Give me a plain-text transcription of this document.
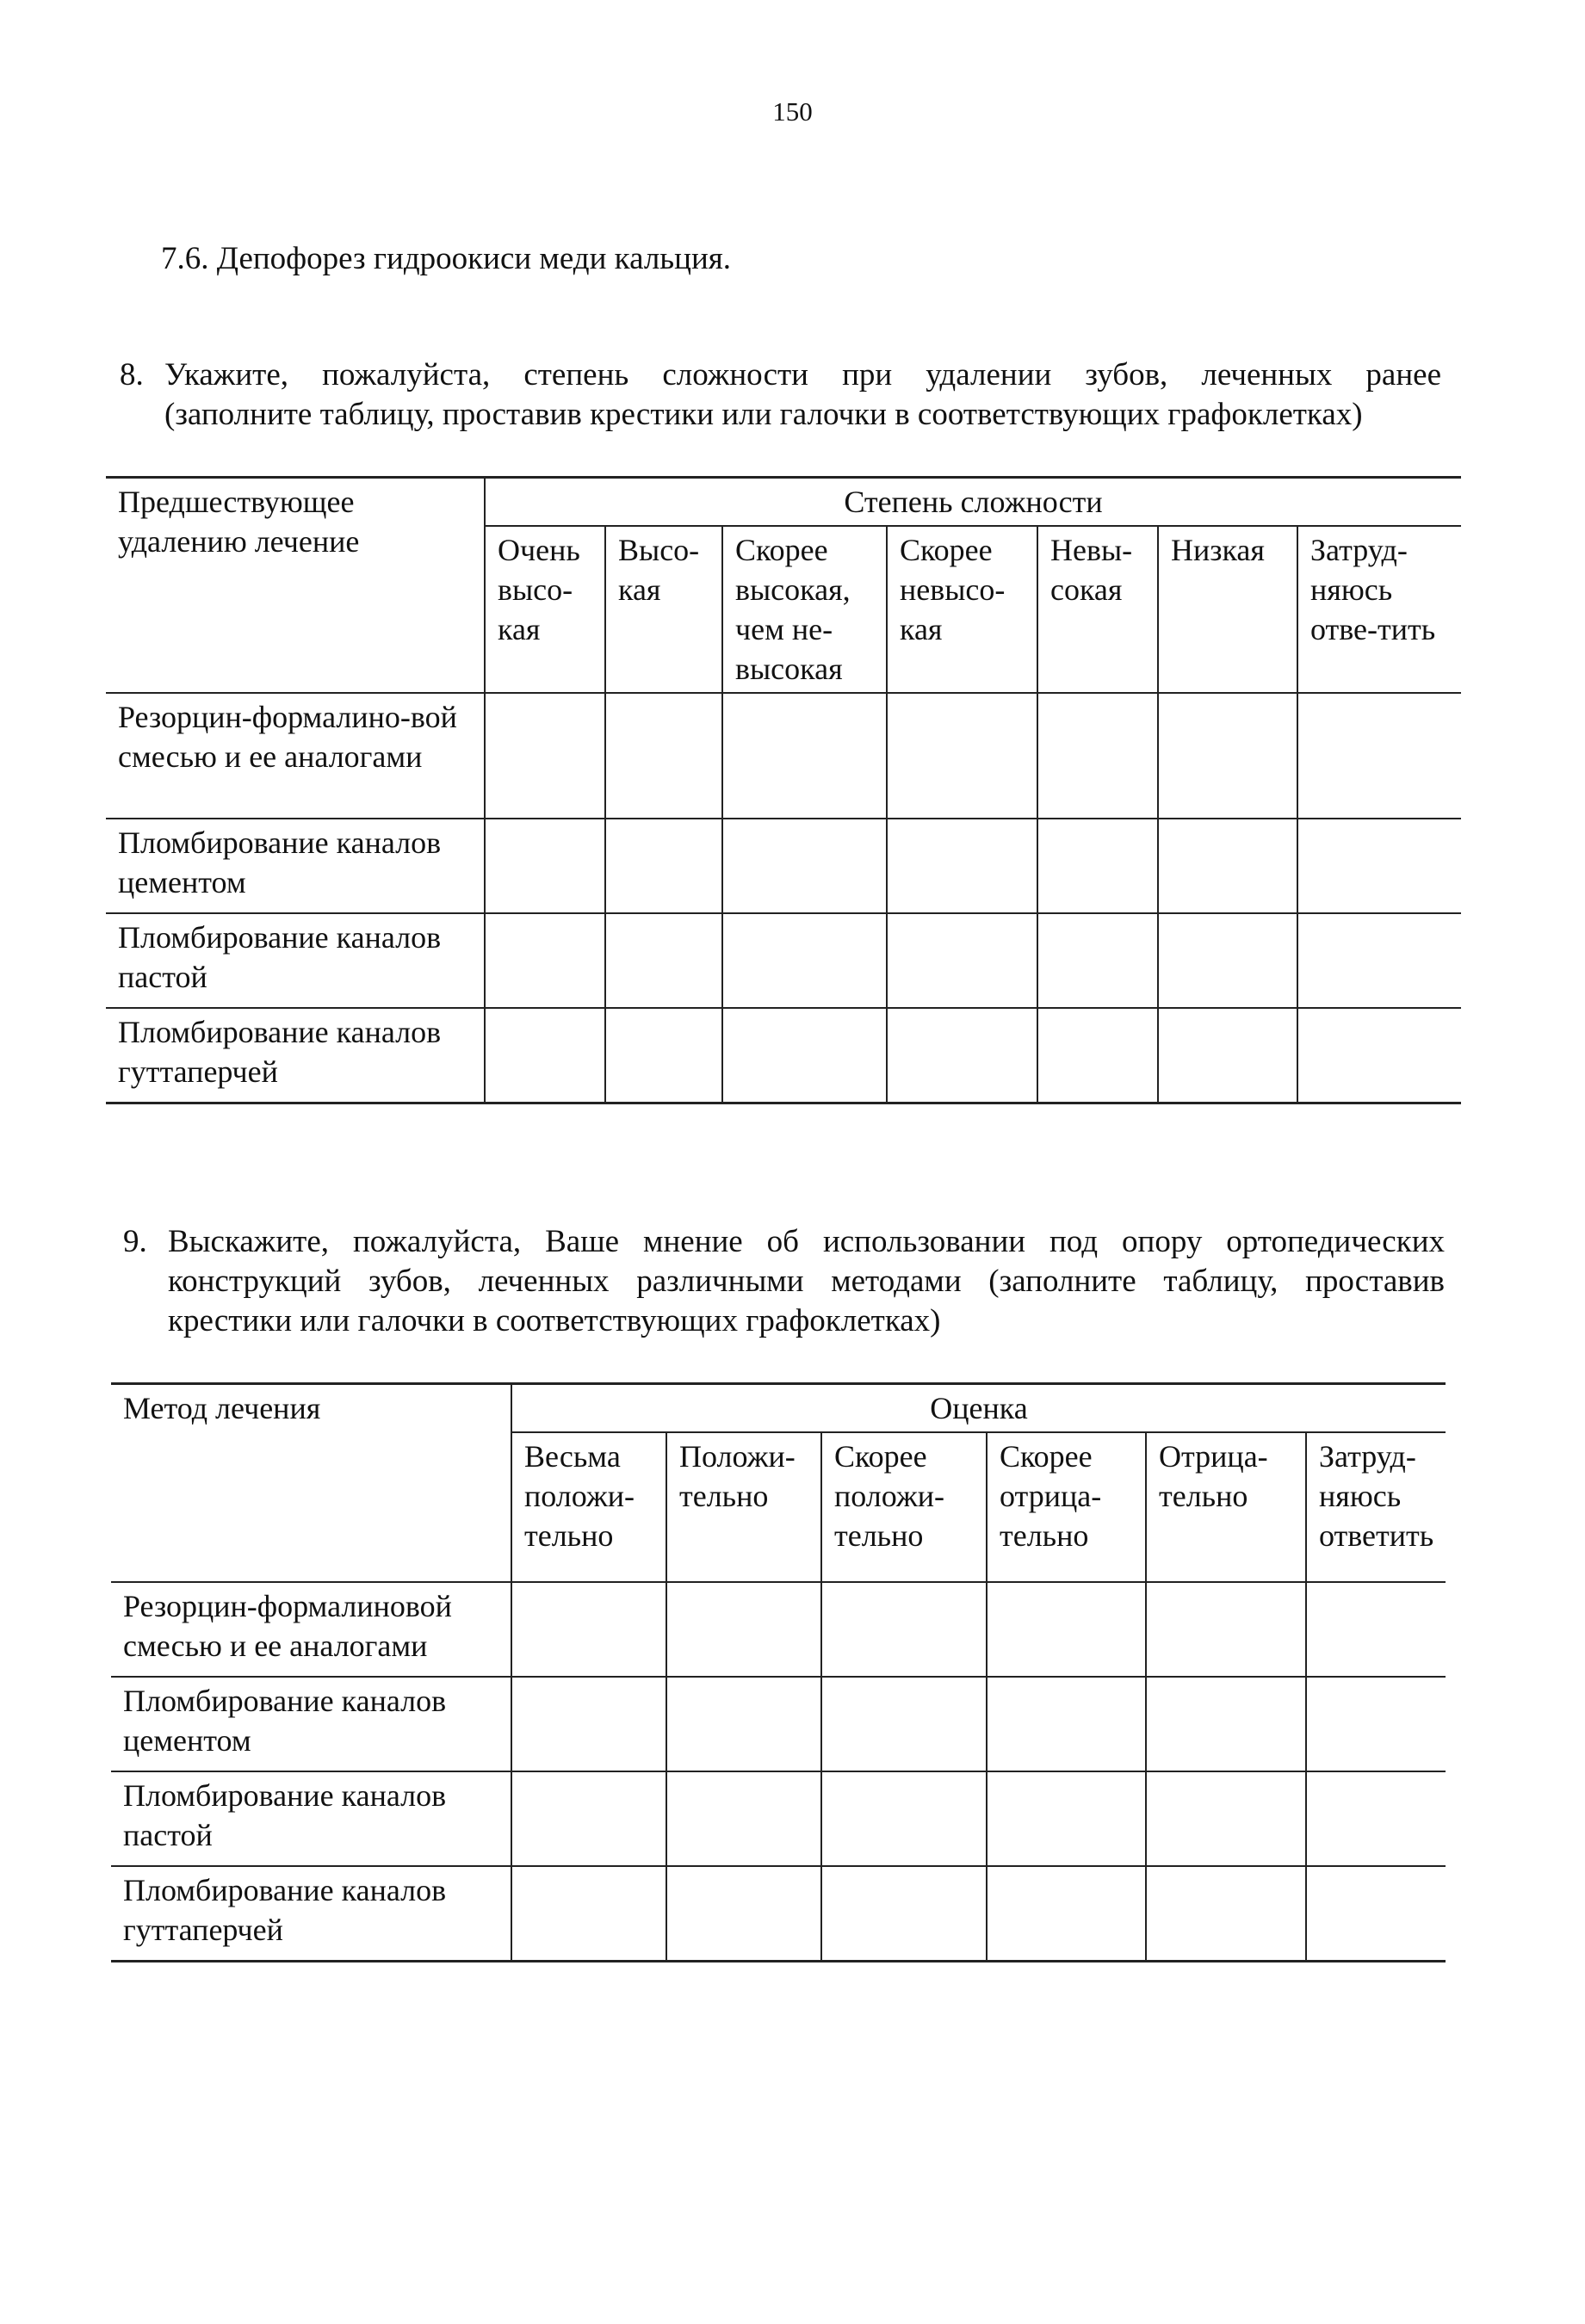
150
7.6. Депофорез гидроокиси меди кальция.
8. Укажите, пожалуйста, степень сложности при удалении зубов, леченных ранее
(заполните таблицу, проставив крестики или галочки в соответствующих графоклетках)
Предшествующее удалению лечение	Степень сложности						
	Очень высо-кая	Высо-кая	Скорее высокая, чем не-высокая	Скорее невысо-кая	Невы-сокая	Низкая	Затруд-няюсь отве-тить
Резорцин-формалино-вой смесью и ее аналогами							
Пломбирование каналов цементом							
Пломбирование каналов пастой							
Пломбирование каналов гуттаперчей							
9. Выскажите, пожалуйста, Ваше мнение об использовании под опору ортопедических
конструкций зубов, леченных различными методами (заполните таблицу, проставив
крестики или галочки в соответствующих графоклетках)
Метод лечения	Оценка					
	Весьма положи-тельно	Положи-тельно	Скорее положи-тельно	Скорее отрица-тельно	Отрица-тельно	Затруд-няюсь ответить
Резорцин-формалиновой смесью и ее аналогами						
Пломбирование каналов цементом						
Пломбирование каналов пастой						
Пломбирование каналов гуттаперчей						
